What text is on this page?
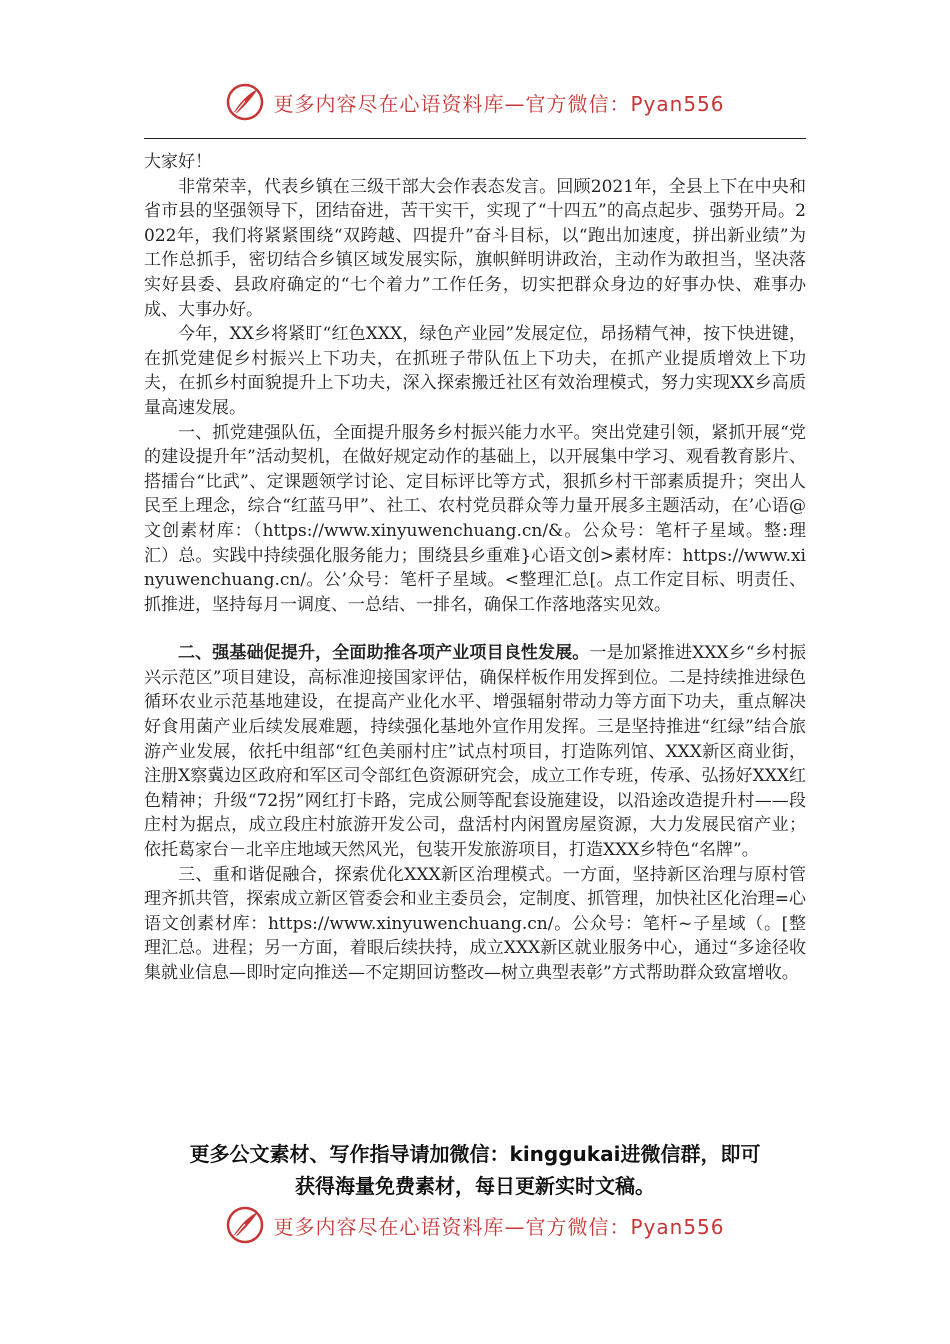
更多内容尽在心语资料库—官方微信：Pyan556

大家好！

非常荣幸，代表乡镇在三级干部大会作表态发言。回顾2021年，全县上下在中央和省市县的坚强领导下，团结奋进，苦干实干，实现了“十四五”的高点起步、强势开局。2022年，我们将紧紧围绕“双跨越、四提升”奋斗目标，以“跑出加速度，拼出新业绩”为工作总抓手，密切结合乡镇区域发展实际，旗帜鲜明讲政治，主动作为敢担当，坚决落实好县委、县政府确定的“七个着力”工作任务，切实把群众身边的好事办快、难事办成、大事办好。

今年，XX乡将紧盯“红色XXX，绿色产业园”发展定位，昂扬精气神，按下快进键，在抓党建促乡村振兴上下功夫，在抓班子带队伍上下功夫，在抓产业提质增效上下功夫，在抓乡村面貌提升上下功夫，深入探索搬迁社区有效治理模式，努力实现XX乡高质量高速发展。

一、抓党建强队伍，全面提升服务乡村振兴能力水平。突出党建引领，紧抓开展“党的建设提升年”活动契机，在做好规定动作的基础上，以开展集中学习、观看教育影片、搭擂台“比武”、定课题领学讨论、定目标评比等方式，狠抓乡村干部素质提升；突出人民至上理念，综合“红蓝马甲”、社工、农村党员群众等力量开展多主题活动，在’心语@文创素材库：（https://www.xinyuwenchuang.cn/&。公众号：笔杆子星域。整:理汇）总。实践中持续强化服务能力；围绕县乡重难}心语文创>素材库：https://www.xinyuwenchuang.cn/。公’众号：笔杆子星域。<整理汇总[。点工作定目标、明责任、抓推进，坚持每月一调度、一总结、一排名，确保工作落地落实见效。

二、强基础促提升，全面助推各项产业项目良性发展。一是加紧推进XXX乡“乡村振兴示范区”项目建设，高标准迎接国家评估，确保样板作用发挥到位。二是持续推进绿色循环农业示范基地建设，在提高产业化水平、增强辐射带动力等方面下功夫，重点解决好食用菌产业后续发展难题，持续强化基地外宣作用发挥。三是坚持推进“红绿”结合旅游产业发展，依托中组部“红色美丽村庄”试点村项目，打造陈列馆、XXX新区商业街，注册X察冀边区政府和军区司令部红色资源研究会，成立工作专班，传承、弘扬好XXX红色精神；升级“72拐”网红打卡路，完成公厕等配套设施建设，以沿途改造提升村——段庄村为据点，成立段庄村旅游开发公司，盘活村内闲置房屋资源，大力发展民宿产业；依托葛家台－北辛庄地域天然风光，包装开发旅游项目，打造XXX乡特色“名牌”。

三、重和谐促融合，探索优化XXX新区治理模式。一方面，坚持新区治理与原村管理齐抓共管，探索成立新区管委会和业主委员会，定制度、抓管理，加快社区化治理=心语文创素材库：https://www.xinyuwenchuang.cn/。公众号：笔杆~子星域（。[整理汇总。进程；另一方面，着眼后续扶持，成立XXX新区就业服务中心，通过“多途径收集就业信息—即时定向推送—不定期回访整改—树立典型表彰”方式帮助群众致富增收。

更多公文素材、写作指导请加微信：kinggukai进微信群，即可
获得海量免费素材，每日更新实时文稿。
更多内容尽在心语资料库—官方微信：Pyan556
